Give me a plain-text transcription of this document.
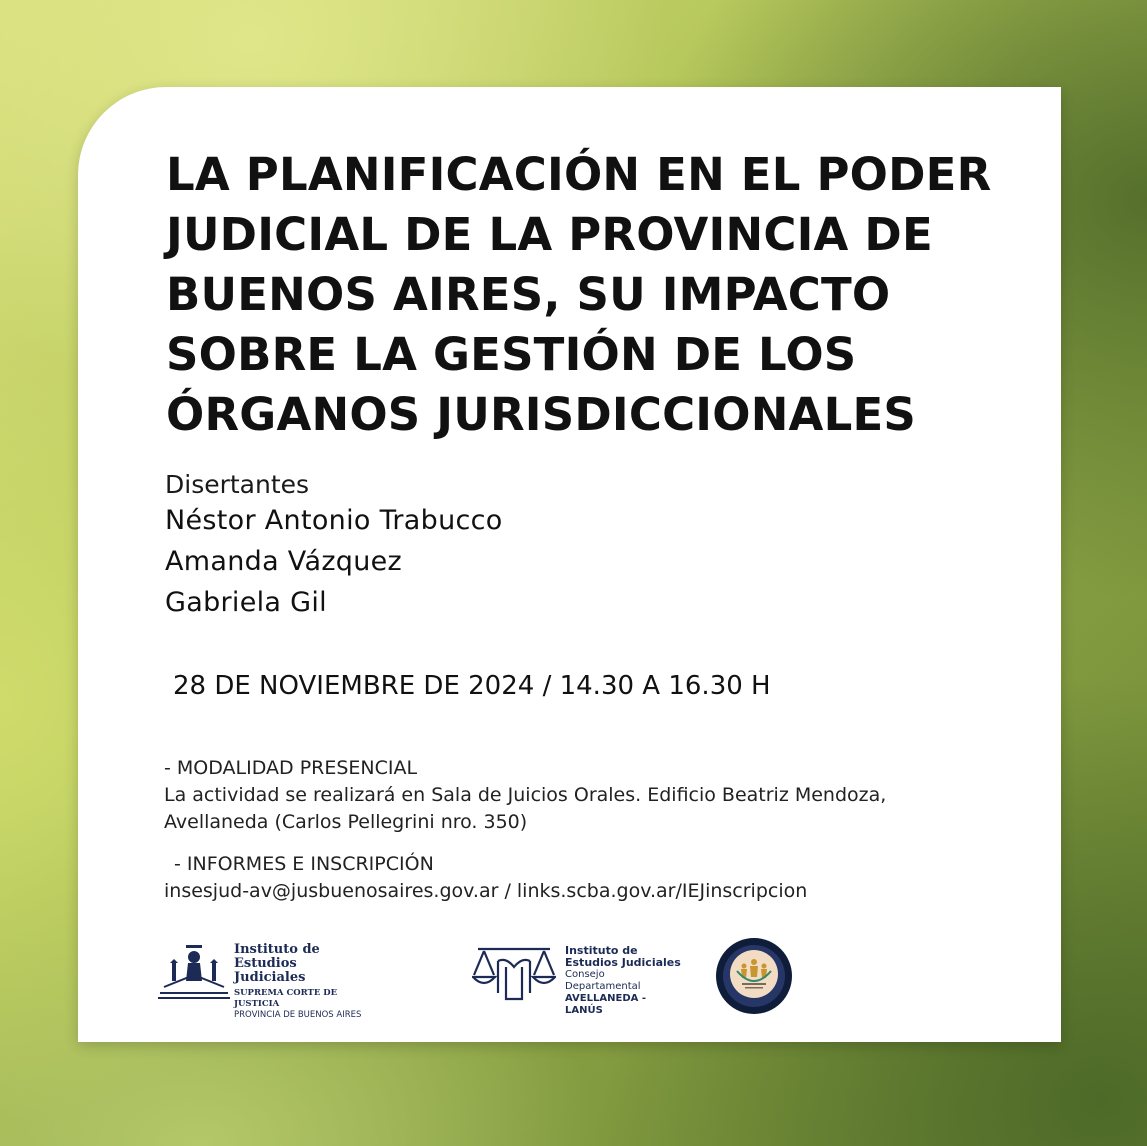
LA PLANIFICACIÓN EN EL PODER
JUDICIAL DE LA PROVINCIA DE
BUENOS AIRES, SU IMPACTO
SOBRE LA GESTIÓN DE LOS
ÓRGANOS JURISDICCIONALES
Disertantes
Néstor Antonio Trabucco
Amanda Vázquez
Gabriela Gil
28 DE NOVIEMBRE DE 2024 / 14.30 A 16.30 H
- MODALIDAD PRESENCIAL
La actividad se realizará en Sala de Juicios Orales. Edificio Beatriz Mendoza,
Avellaneda (Carlos Pellegrini nro. 350)
- INFORMES E INSCRIPCIÓN
insesjud-av@jusbuenosaires.gov.ar / links.scba.gov.ar/IEJinscripcion
Instituto de
Estudios Judiciales
SUPREMA CORTE DE JUSTICIA
PROVINCIA DE BUENOS AIRES
Instituto de
Estudios Judiciales
Consejo Departamental
AVELLANEDA - LANÚS
